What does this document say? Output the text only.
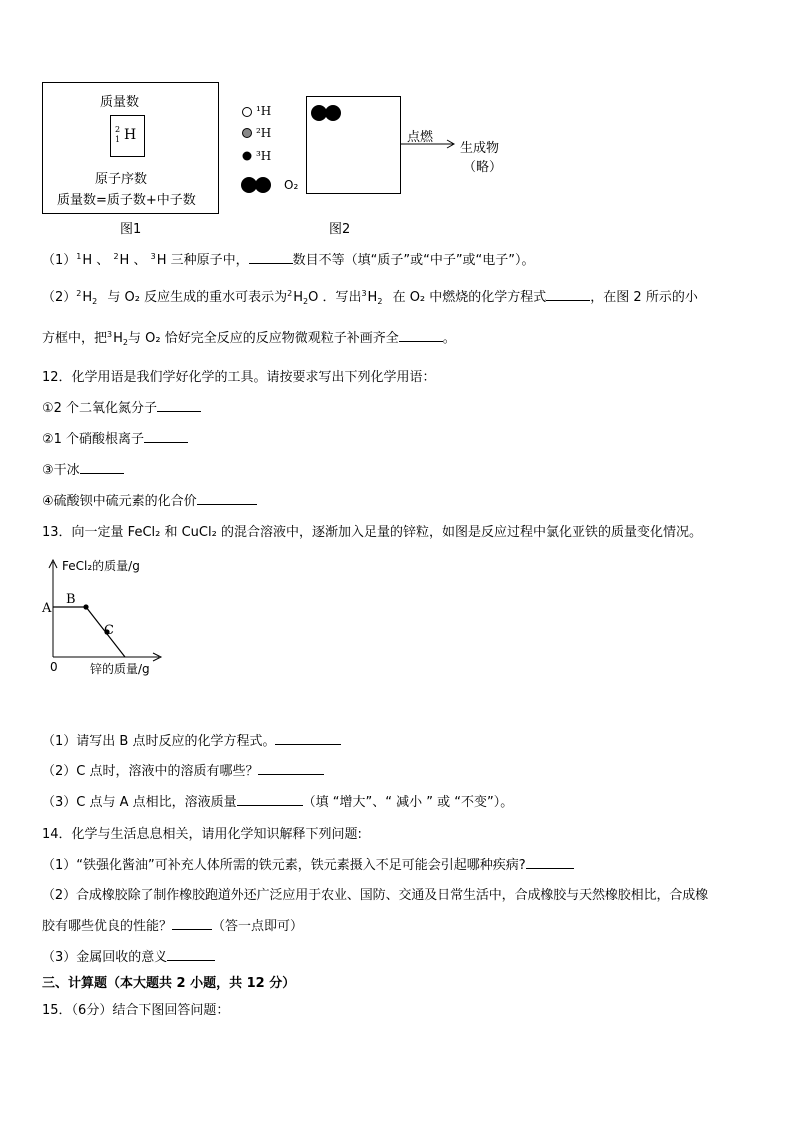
质量数
2
1 H
原子序数
质量数=质子数+中子数
图1
¹H
²H
³H
O₂
点燃
生成物
（略）
图2
$(1)^1H$ 、 $^2$H 、 $^3$H 三种原子中，	数目不等（填“质子”或“中子”或“电子”）。
$(2)^2H_2$ 与 O₂ 反应生成的重水可表示为$^2H_2O$ ．写出$^3H_2$ 在 O₂ 中燃烧的化学方程式	，在图 2 所示的小
方框中，把$^3H_2$与 O₂ 恰好完全反应的反应物微观粒子补画齐全	。
12．化学用语是我们学好化学的工具。请按要求写出下列化学用语：
①2 个二氧化氮分子
②1 个硝酸根离子
③干冰
④硫酸钡中硫元素的化合价
13．向一定量 FeCl₂ 和 CuCl₂ 的混合溶液中，逐渐加入足量的锌粒，如图是反应过程中氯化亚铁的质量变化情况。
FeCl₂的质量/g
锌的质量/g
0
A
B
C
（1）请写出 B 点时反应的化学方程式。
（2）C 点时，溶液中的溶质有哪些？
（3）C 点与 A 点相比，溶液质量	（填 “增大”、“ 减小 ” 或 “不变”）。
14．化学与生活息息相关，请用化学知识解释下列问题:
（1）“铁强化酱油”可补充人体所需的铁元素，铁元素摄入不足可能会引起哪种疾病?
（2）合成橡胶除了制作橡胶跑道外还广泛应用于农业、国防、交通及日常生活中，合成橡胶与天然橡胶相比，合成橡
胶有哪些优良的性能？	（答一点即可）
（3）金属回收的意义
三、计算题（本大题共 2 小题，共 12 分）
15．（6分）结合下图回答问题：
